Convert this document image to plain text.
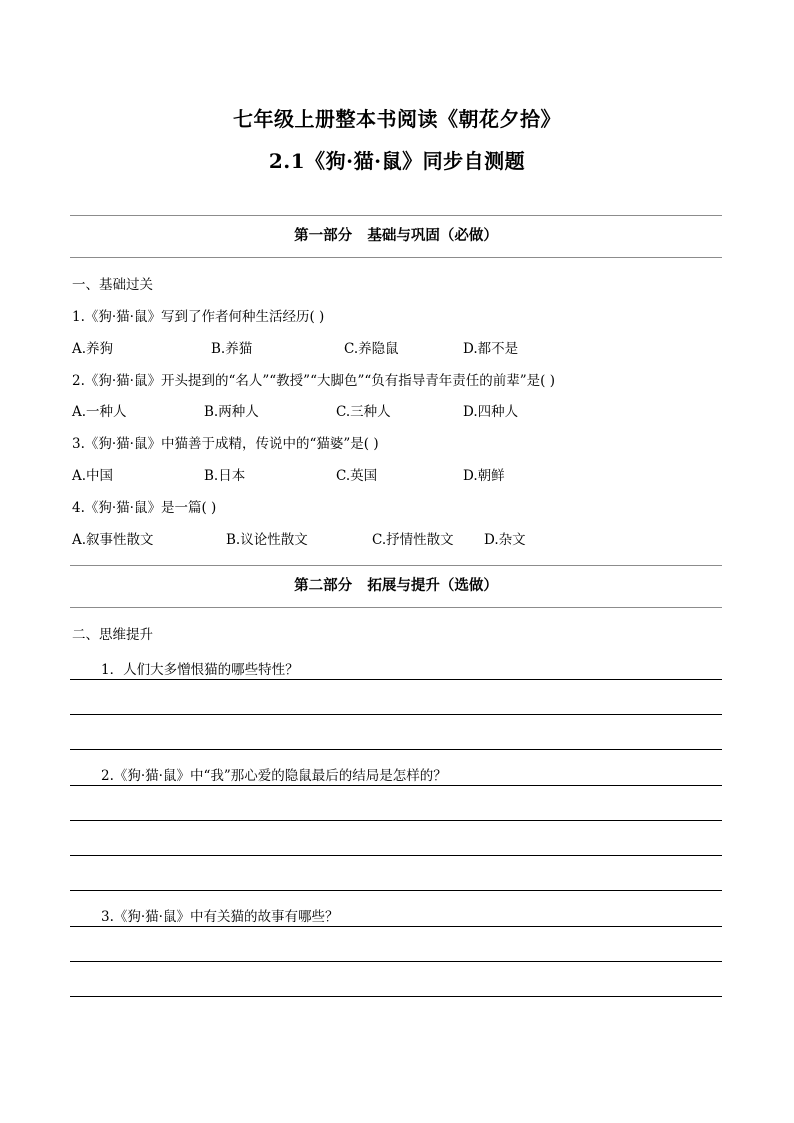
七年级上册整本书阅读《朝花夕拾》
2.1《狗·猫·鼠》同步自测题
第一部分   基础与巩固（必做）
一、基础过关
1.《狗·猫·鼠》写到了作者何种生活经历( )
A.养狗	B.养猫	C.养隐鼠	D.都不是
2.《狗·猫·鼠》开头提到的“名人”“教授”“大脚色”“负有指导青年责任的前辈”是( )
A.一种人	B.两种人	C.三种人	D.四种人
3.《狗·猫·鼠》中猫善于成精，传说中的“猫婆”是( )
A.中国	B.日本	C.英国	D.朝鲜
4.《狗·猫·鼠》是一篇( )
A.叙事性散文	B.议论性散文	C.抒情性散文 D.杂文
第二部分   拓展与提升（选做）
二、思维提升
1．人们大多憎恨猫的哪些特性？
2.《狗·猫·鼠》中“我”那心爱的隐鼠最后的结局是怎样的？
3.《狗·猫·鼠》中有关猫的故事有哪些？
